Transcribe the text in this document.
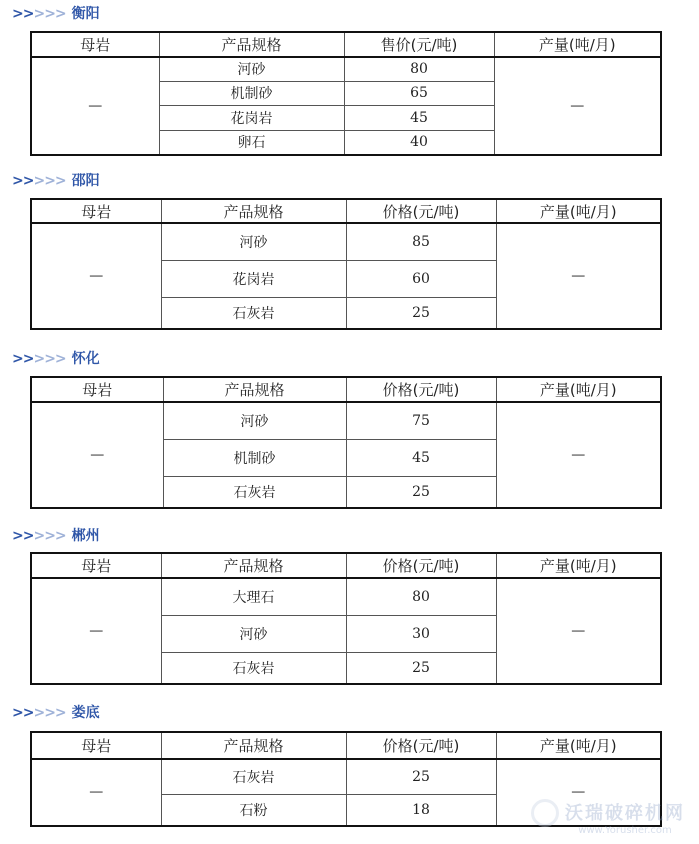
>>>>> 衡阳
母岩	产品规格	售价(元/吨)	产量(吨/月)
—	河砂	80	—
	机制砂	65	
	花岗岩	45	
	卵石	40	
>>>>> 邵阳
母岩	产品规格	价格(元/吨)	产量(吨/月)
—	河砂	85	—
	花岗岩	60	
	石灰岩	25	
>>>>> 怀化
母岩	产品规格	价格(元/吨)	产量(吨/月)
—	河砂	75	—
	机制砂	45	
	石灰岩	25	
>>>>> 郴州
母岩	产品规格	价格(元/吨)	产量(吨/月)
—	大理石	80	—
	河砂	30	
	石灰岩	25	
>>>>> 娄底
母岩	产品规格	价格(元/吨)	产量(吨/月)
—	石灰岩	25	—
	石粉	18		沃瑞破碎机网
www.Yorusher.com
